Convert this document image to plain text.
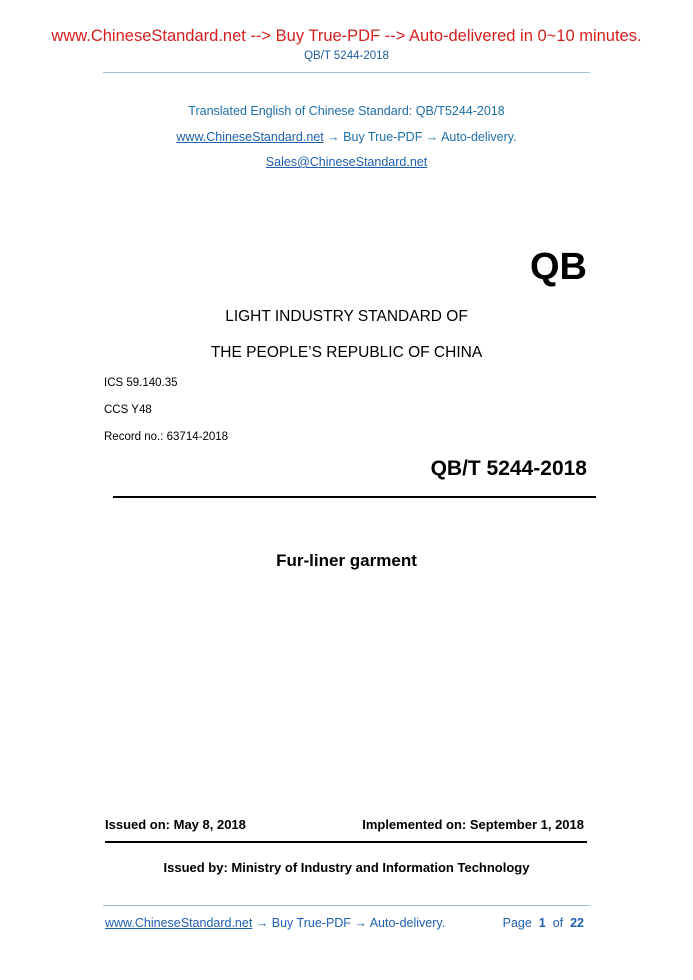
www.ChineseStandard.net --> Buy True-PDF --> Auto-delivered in 0~10 minutes.
QB/T 5244-2018
Translated English of Chinese Standard: QB/T5244-2018
www.ChineseStandard.net → Buy True-PDF → Auto-delivery.
Sales@ChineseStandard.net
QB
LIGHT INDUSTRY STANDARD OF
THE PEOPLE’S REPUBLIC OF CHINA
ICS 59.140.35
CCS Y48
Record no.: 63714-2018
QB/T 5244-2018
Fur-liner garment
Issued on: May 8, 2018	Implemented on: September 1, 2018
Issued by: Ministry of Industry and Information Technology
www.ChineseStandard.net → Buy True-PDF → Auto-delivery.	Page 1 of 22
